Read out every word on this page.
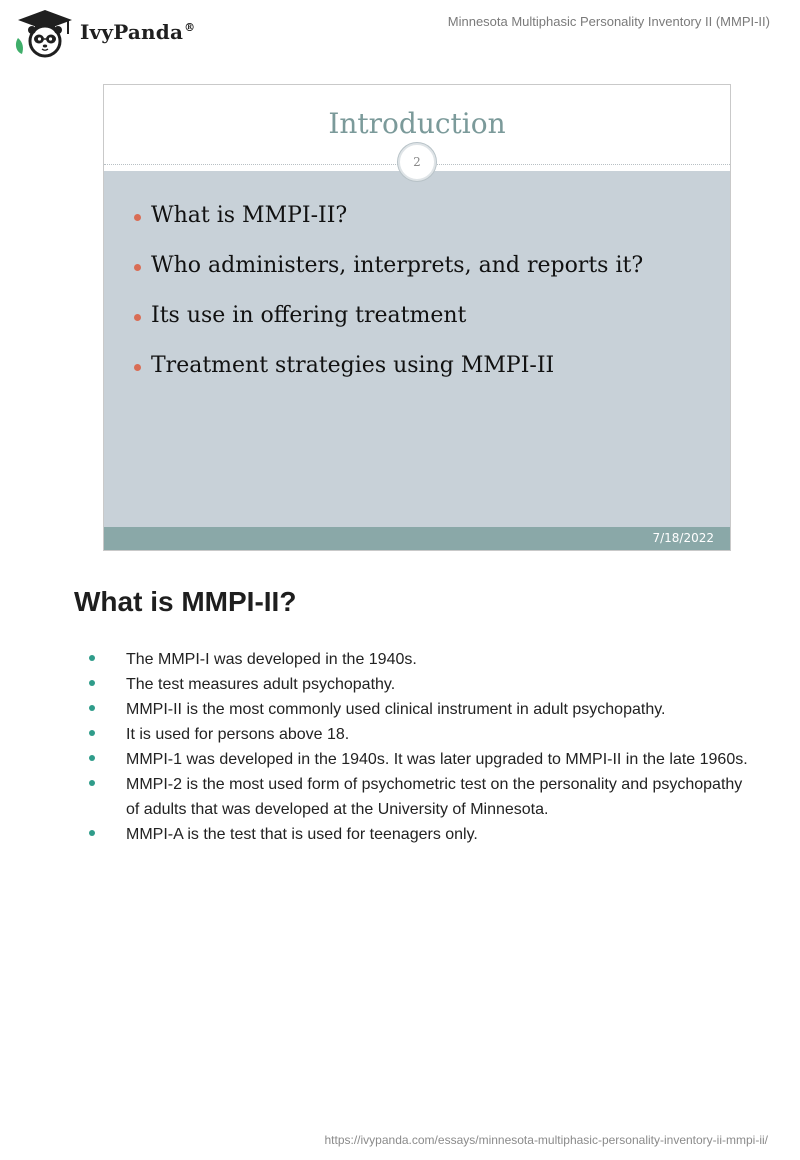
IvyPanda®	Minnesota Multiphasic Personality Inventory II (MMPI-II)
Introduction
2
What is MMPI-II?
Who administers, interprets, and reports it?
Its use in offering treatment
Treatment strategies using MMPI-II
7/18/2022
What is MMPI-II?
The MMPI-I was developed in the 1940s.
The test measures adult psychopathy.
MMPI-II is the most commonly used clinical instrument in adult psychopathy.
It is used for persons above 18.
MMPI-1 was developed in the 1940s. It was later upgraded to MMPI-II in the late 1960s.
MMPI-2 is the most used form of psychometric test on the personality and psychopathy of adults that was developed at the University of Minnesota.
MMPI-A is the test that is used for teenagers only.
https://ivypanda.com/essays/minnesota-multiphasic-personality-inventory-ii-mmpi-ii/
